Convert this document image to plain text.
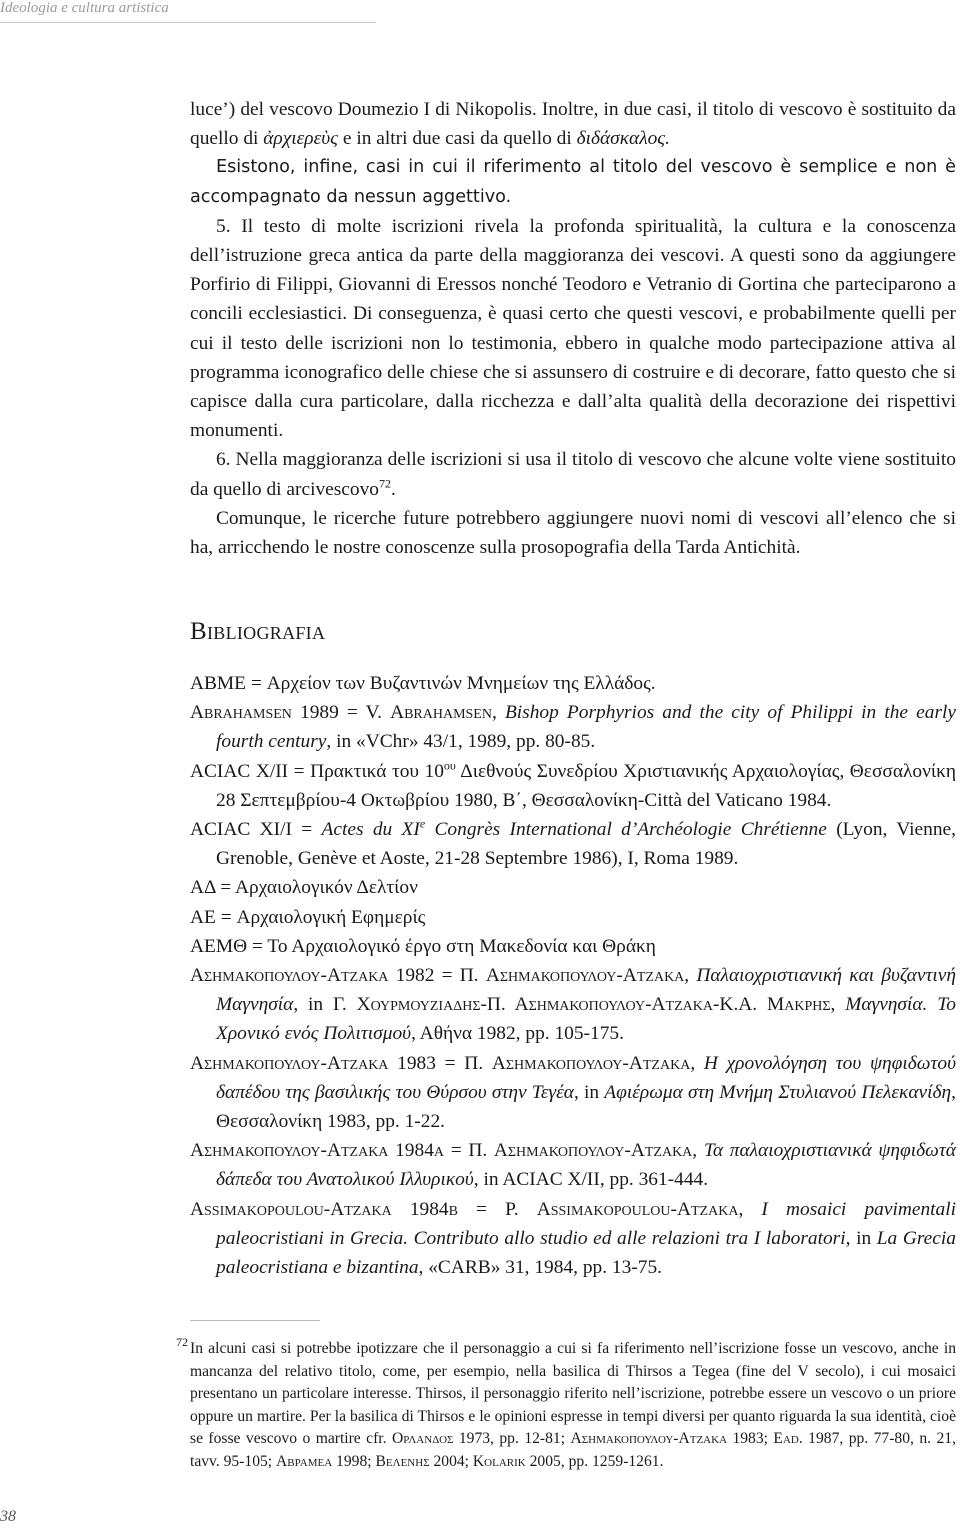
Ideologia e cultura artistica

luce’) del vescovo Doumezio I di Nikopolis. Inoltre, in due casi, il titolo di vescovo è sostituito da quello di ἀρχιερεὺς e in altri due casi da quello di διδάσκαλος.

Esistono, infine, casi in cui il riferimento al titolo del vescovo è semplice e non è accompagnato da nessun aggettivo.

5. Il testo di molte iscrizioni rivela la profonda spiritualità, la cultura e la conoscenza dell’istruzione greca antica da parte della maggioranza dei vescovi. A questi sono da aggiungere Porfirio di Filippi, Giovanni di Eressos nonché Teodoro e Vetranio di Gortina che parteciparono a concili ecclesiastici. Di conseguenza, è quasi certo che questi vescovi, e probabilmente quelli per cui il testo delle iscrizioni non lo testimonia, ebbero in qualche modo partecipazione attiva al programma iconografico delle chiese che si assunsero di costruire e di decorare, fatto questo che si capisce dalla cura particolare, dalla ricchezza e dall’alta qualità della decorazione dei rispettivi monumenti.

6. Nella maggioranza delle iscrizioni si usa il titolo di vescovo che alcune volte viene sostituito da quello di arcivescovo$^{72}$.

Comunque, le ricerche future potrebbero aggiungere nuovi nomi di vescovi all’elenco che si ha, arricchendo le nostre conoscenze sulla prosopografia della Tarda Antichità.

Bibliografia

ABME = Αρχείον των Βυζαντινών Μνημείων της Ελλάδος.

Abrahamsen 1989 = V. Abrahamsen, Bishop Porphyrios and the city of Philippi in the early fourth century, in «VChr» 43/1, 1989, pp. 80-85.

ACIAC X/II = Πρακτικά του $10^{o\upsilon}$ Διεθνούς Συνεδρίου Χριστιανικής Αρχαιολογίας, Θεσσαλονίκη 28 Σεπτεμβρίου-4 Οκτωβρίου 1980, Β΄, Θεσσαλονίκη-Città del Vaticano 1984.

ACIAC XI/I = Actes du XIe Congrès International d’Archéologie Chrétienne (Lyon, Vienne, Grenoble, Genève et Aoste, 21-28 Septembre 1986), I, Roma 1989.

ΑΔ = Αρχαιολογικόν Δελτίον

AE = Αρχαιολογική Εφημερίς

AEMΘ = Το Αρχαιολογικό έργο στη Μακεδονία και Θράκη

Ασημακοπουλου-Ατζακα 1982 = Π. Ασημακοπουλου-Ατζακα, Παλαιοχριστιανική και βυζαντινή Μαγνησία, in Γ. Χουρμουζιαδης-Π. Ασημακοπουλου-Ατζακα-Κ.Α. Μακρης, Μαγνησία. Το Χρονικό ενός Πολιτισμού, Αθήνα 1982, pp. 105-175.

Ασημακοπουλου-Ατζακα 1983 = Π. Ασημακοπουλου-Ατζακα, Η χρονολόγηση του ψηφιδωτού δαπέδου της βασιλικής του Θύρσου στην Τεγέα, in Αφιέρωμα στη Μνήμη Στυλιανού Πελεκανίδη, Θεσσαλονίκη 1983, pp. 1-22.

Ασημακοπουλου-Ατζακα 1984a = Π. Ασημακοπουλου-Ατζακα, Τα παλαιοχριστιανικά ψηφιδωτά δάπεδα του Ανατολικού Ιλλυρικού, in ACIAC X/II, pp. 361-444.

Assimakopoulou-Atzaka 1984b = P. Assimakopoulou-Atzaka, I mosaici pavimentali paleocristiani in Grecia. Contributo allo studio ed alle relazioni tra I laboratori, in La Grecia paleocristiana e bizantina, «CARB» 31, 1984, pp. 13-75.

72 In alcuni casi si potrebbe ipotizzare che il personaggio a cui si fa riferimento nell’iscrizione fosse un vescovo, anche in mancanza del relativo titolo, come, per esempio, nella basilica di Thirsos a Tegea (fine del V secolo), i cui mosaici presentano un particolare interesse. Thirsos, il personaggio riferito nell’iscrizione, potrebbe essere un vescovo o un priore oppure un martire. Per la basilica di Thirsos e le opinioni espresse in tempi diversi per quanto riguarda la sua identità, cioè se fosse vescovo o martire cfr. Ορλανδος 1973, pp. 12-81; Ασημακοπουλου-Ατζακα 1983; Ead. 1987, pp. 77-80, n. 21, tavv. 95-105; Αβραμεα 1998; Βελενης 2004; Kolarik 2005, pp. 1259-1261.
38
